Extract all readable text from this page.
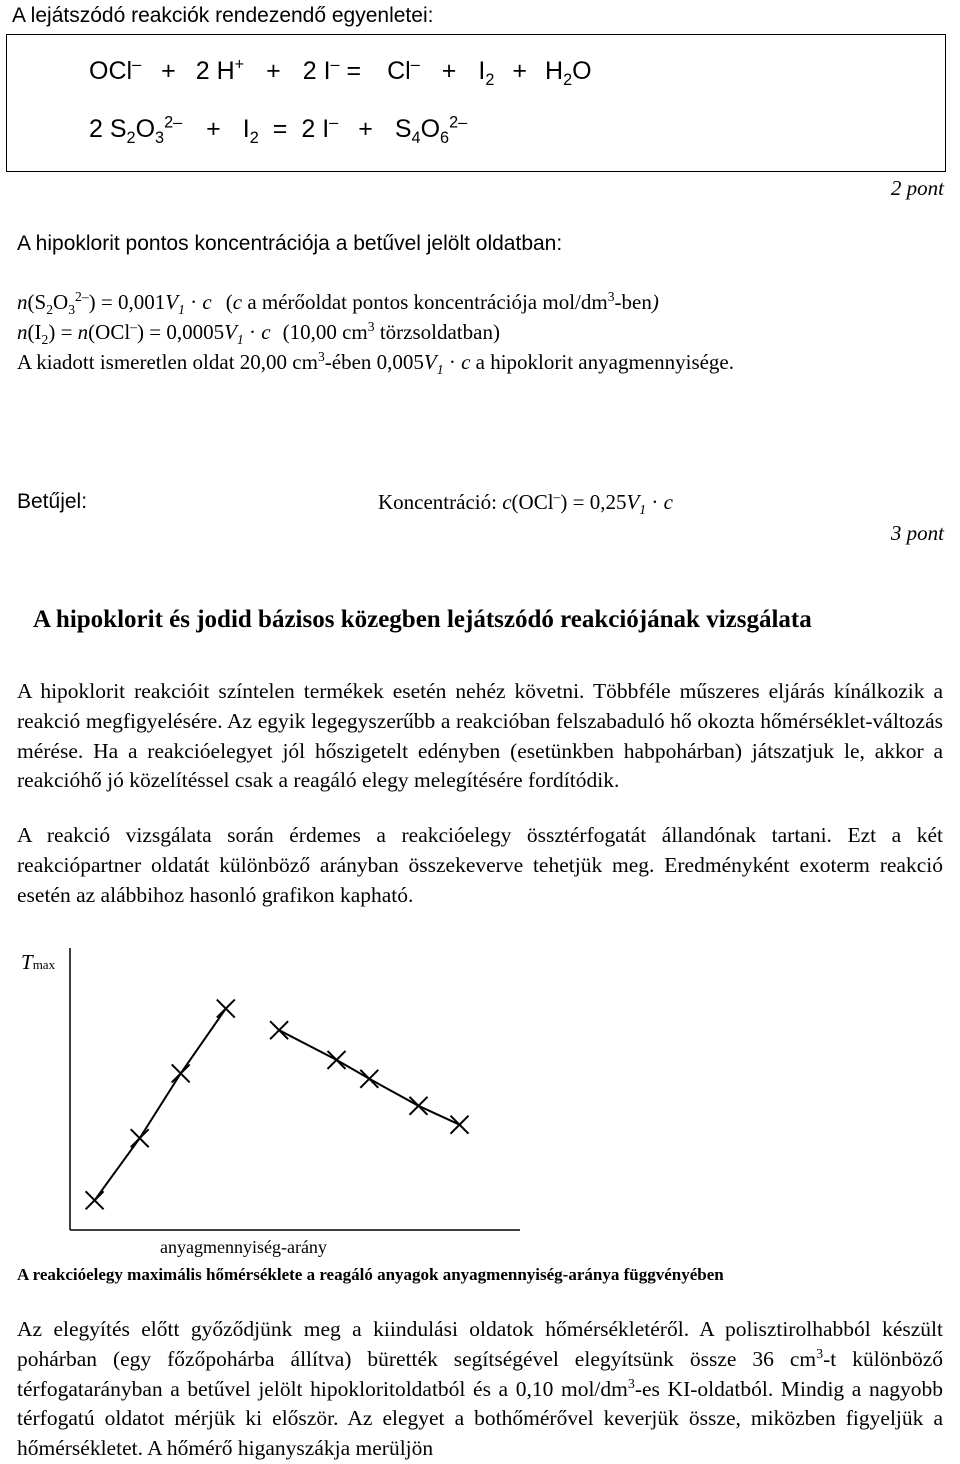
A lejátszódó reakciók rendezendő egyenletei:
OCl– + 2 H+ + 2 $I^- = Cl^- + I_2 + H_2O$
2 $S_2O_3^{2-} + I_2 = 2$ $I^- + S_4O_6^{2-}$
2 pont
A hipoklorit pontos koncentrációja a betűvel jelölt oldatban:
$n(S_2O_3^{2-}) = 0,001V_1 \cdot c$ (c a mérőoldat pontos koncentrációja mol/$dm^3-ben$)
$n(I_2) = n(OCl^-) = 0,0005V_1 \cdot c$ (10,00 $cm^3$ törzsoldatban)
A kiadott ismeretlen oldat 20,00 $cm^3$-ében $0,005V_1 \cdot c$ a hipoklorit anyagmennyisége.
Betűjel:	Koncentráció: $c(OCl^-) = 0,25V_1 \cdot c$
3 pont
A hipoklorit és jodid bázisos közegben lejátszódó reakciójának vizsgálata
A hipoklorit reakcióit színtelen termékek esetén nehéz követni. Többféle műszeres eljárás kínálkozik a reakció megfigyelésére. Az egyik legegyszerűbb a reakcióban felszabaduló hő okozta hőmérséklet-változás mérése. Ha a reakcióelegyet jól hőszigetelt edényben (esetünkben habpohárban) játszatjuk le, akkor a reakcióhő jó közelítéssel csak a reagáló elegy melegítésére fordítódik.
A reakció vizsgálata során érdemes a reakcióelegy össztérfogatát állandónak tartani. Ezt a két reakciópartner oldatát különböző arányban összekeverve tehetjük meg. Eredményként exoterm reakció esetén az alábbihoz hasonló grafikon kapható.
Tmax
anyagmennyiség-arány
A reakcióelegy maximális hőmérséklete a reagáló anyagok anyagmennyiség-aránya függvényében
Az elegyítés előtt győződjünk meg a kiindulási oldatok hőmérsékletéről. A polisztirolhabból készült pohárban (egy főzőpohárba állítva) bürették segítségével elegyítsünk össze 36 $cm^3-t$ különböző térfogatarányban a betűvel jelölt hipokloritoldatból és a 0,10 mol/$dm^3-es$ KI-oldatból. Mindig a nagyobb térfogatú oldatot mérjük ki először. Az elegyet a bothőmérővel keverjük össze, miközben figyeljük a hőmérsékletet. A hőmérő higanyszákja merüljön
